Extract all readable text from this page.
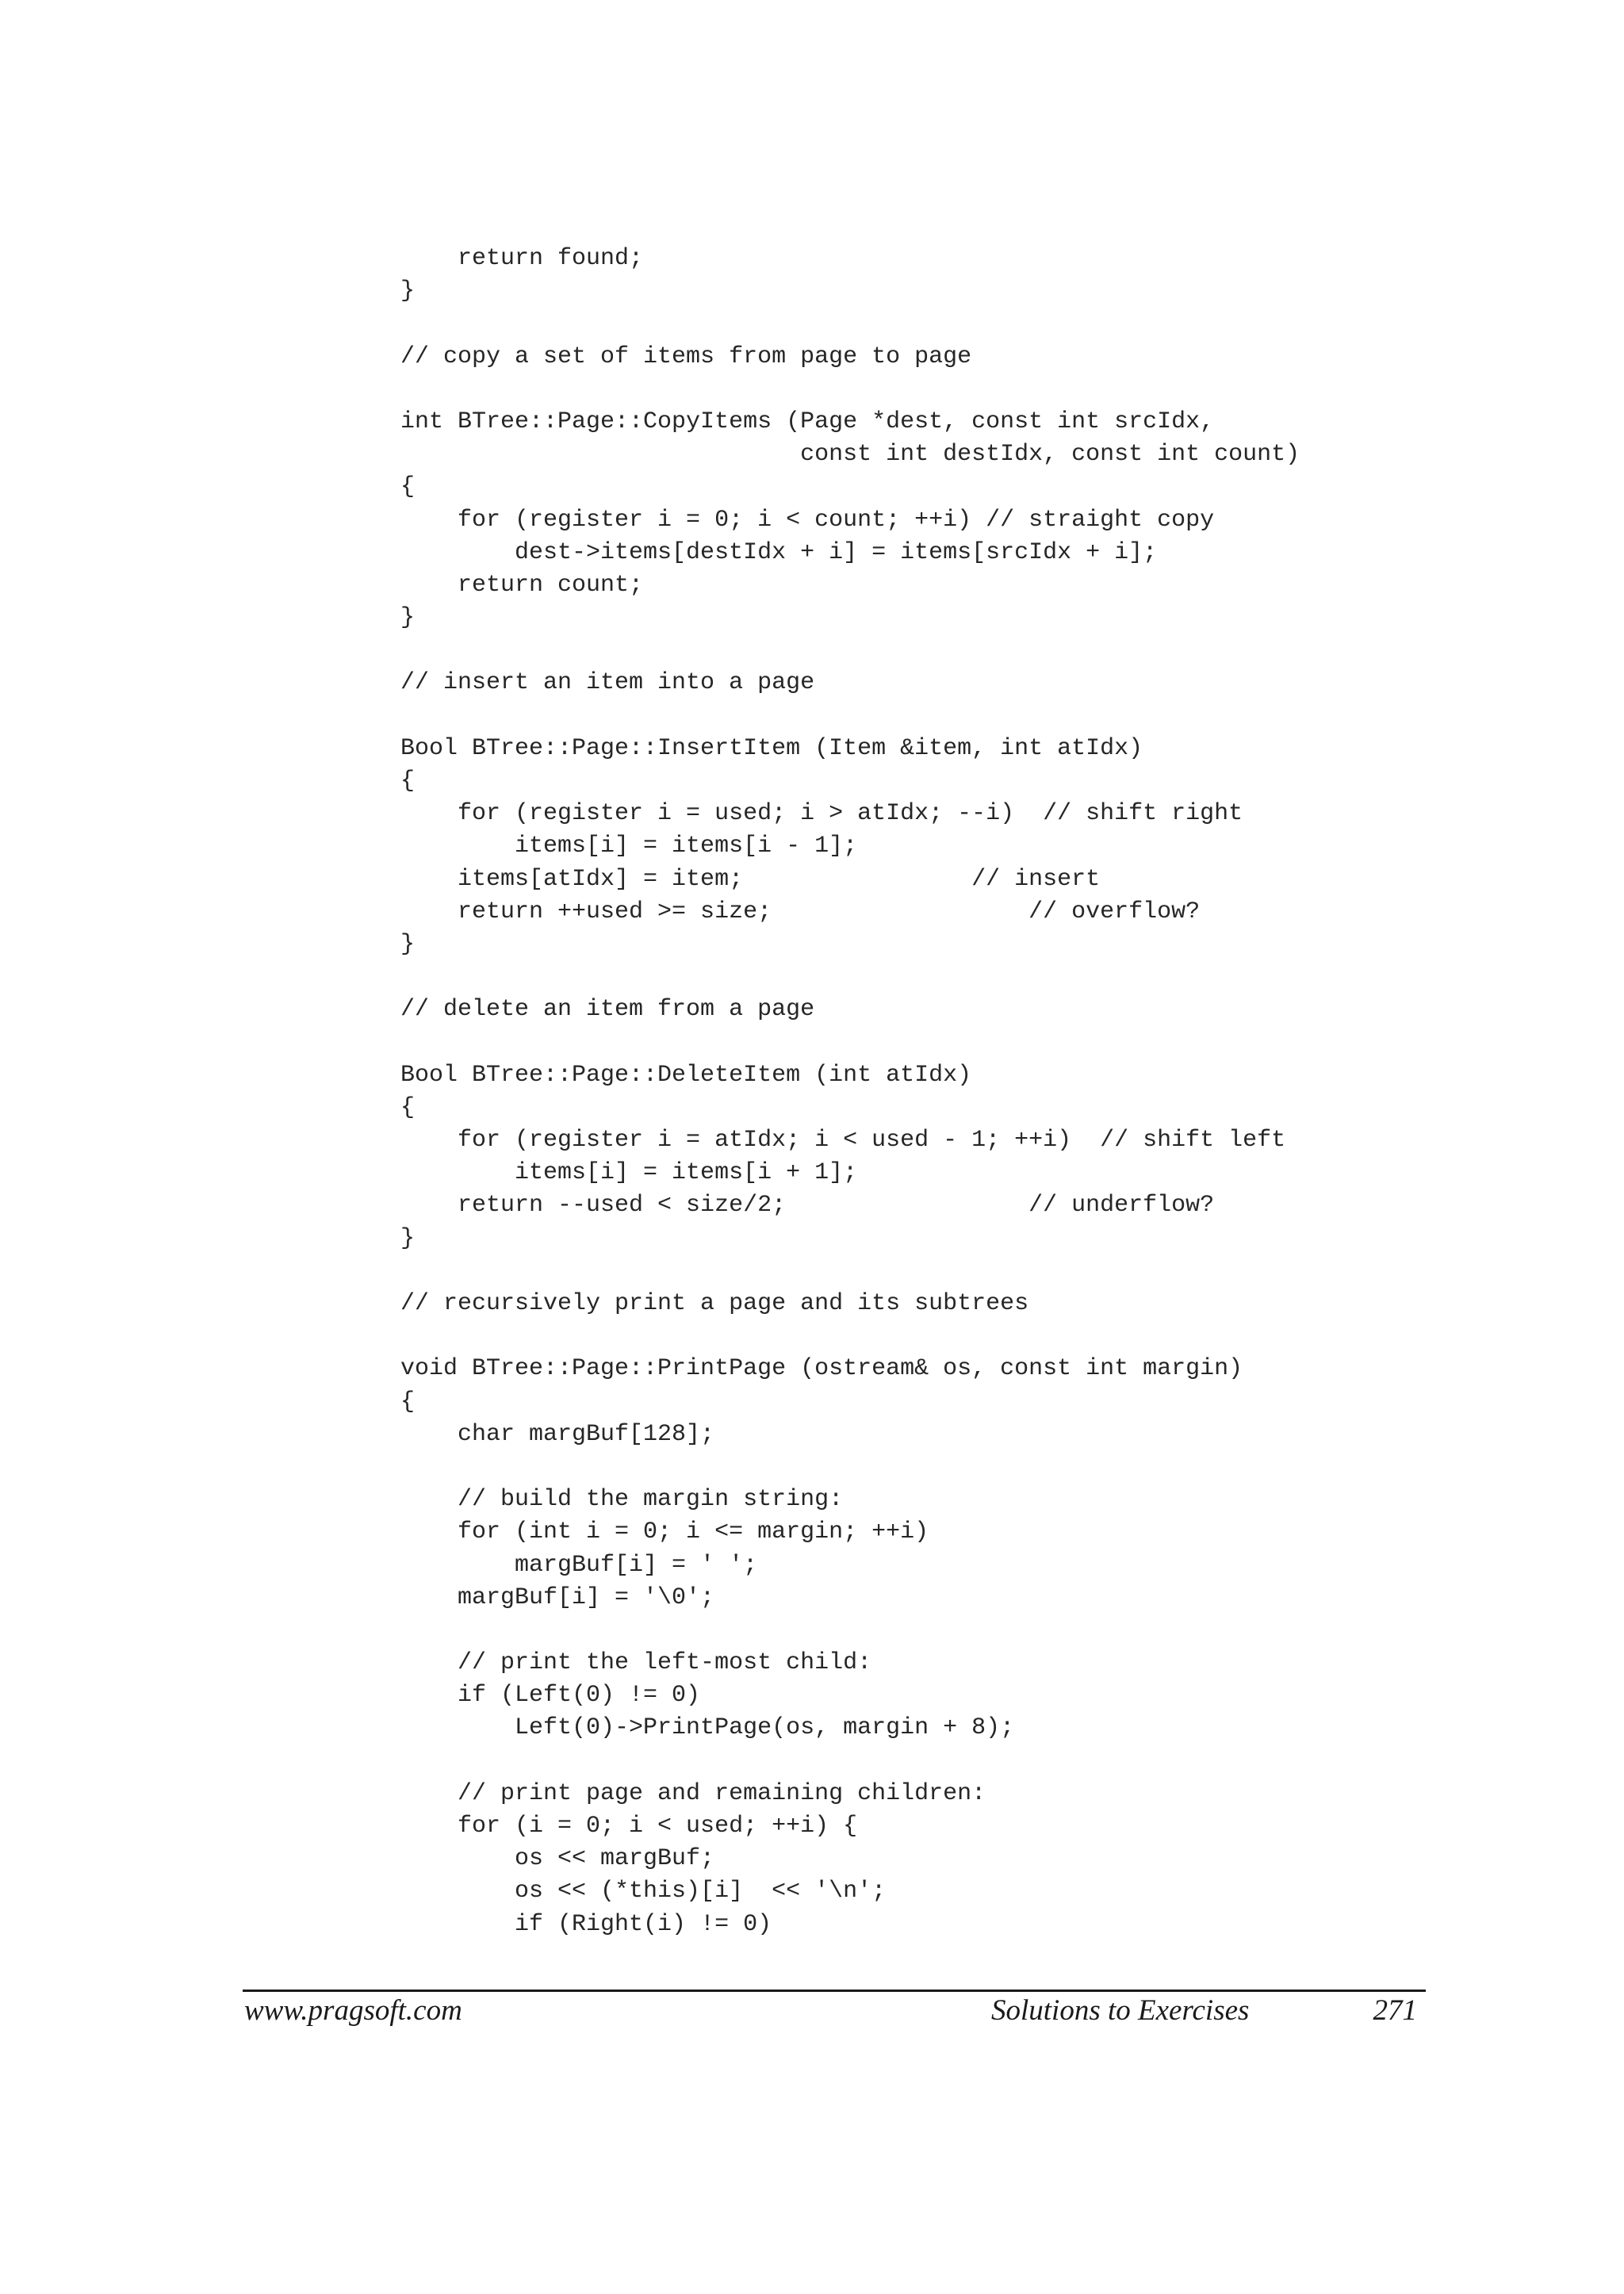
return found;
}
// copy a set of items from page to page
int BTree::Page::CopyItems (Page *dest, const int srcIdx,
const int destIdx, const int count)
{
for (register i = 0; i < count; ++i) // straight copy
dest->items[destIdx + i] = items[srcIdx + i];
return count;
}
// insert an item into a page
Bool BTree::Page::InsertItem (Item &item, int atIdx)
{
for (register i = used; i > atIdx; --i)  // shift right
items[i] = items[i - 1];
items[atIdx] = item;                // insert
return ++used >= size;                  // overflow?
}
// delete an item from a page
Bool BTree::Page::DeleteItem (int atIdx)
{
for (register i = atIdx; i < used - 1; ++i)  // shift left
items[i] = items[i + 1];
return --used < size/2;                 // underflow?
}
// recursively print a page and its subtrees
void BTree::Page::PrintPage (ostream& os, const int margin)
{
char margBuf[128];
// build the margin string:
for (int i = 0; i <= margin; ++i)
margBuf[i] = ' ';
margBuf[i] = '\0';
// print the left-most child:
if (Left(0) != 0)
Left(0)->PrintPage(os, margin + 8);
// print page and remaining children:
for (i = 0; i < used; ++i) {
os << margBuf;
os << (*this)[i]  << '\n';
if (Right(i) != 0)
www.pragsoft.com	Solutions to Exercises	271
